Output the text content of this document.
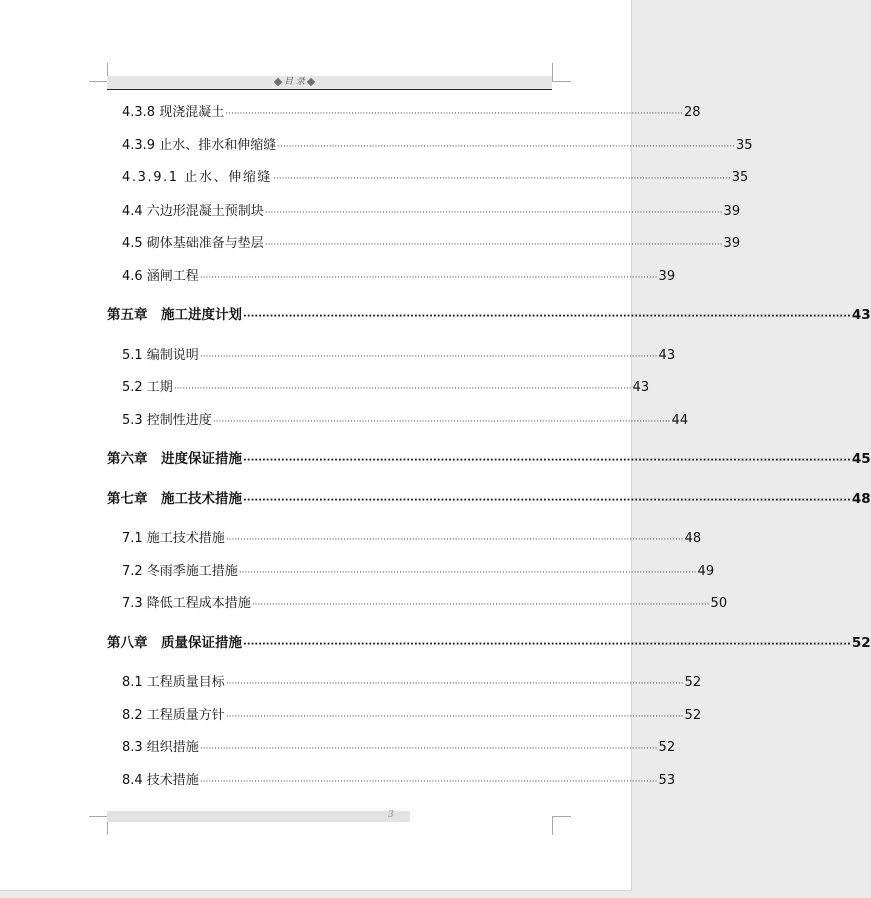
目 录
4.3.8 现浇混凝土 ································································································································································ 28
4.3.9 止水、排水和伸缩缝 ································································································································································ 35
4.3.9.1 止水、伸缩缝 ································································································································································ 35
4.4 六边形混凝土预制块 ································································································································································ 39
4.5 砌体基础准备与垫层 ································································································································································ 39
4.6 涵闸工程 ································································································································································ 39
第五章　施工进度计划 ································································································································································ 43
5.1 编制说明 ································································································································································ 43
5.2 工期 ································································································································································ 43
5.3 控制性进度 ································································································································································ 44
第六章　进度保证措施 ································································································································································ 45
第七章　施工技术措施 ································································································································································ 48
7.1 施工技术措施 ································································································································································ 48
7.2 冬雨季施工措施 ································································································································································ 49
7.3 降低工程成本措施 ································································································································································ 50
第八章　质量保证措施 ································································································································································ 52
8.1 工程质量目标 ································································································································································ 52
8.2 工程质量方针 ································································································································································ 52
8.3 组织措施 ································································································································································ 52
8.4 技术措施 ································································································································································ 53
3
